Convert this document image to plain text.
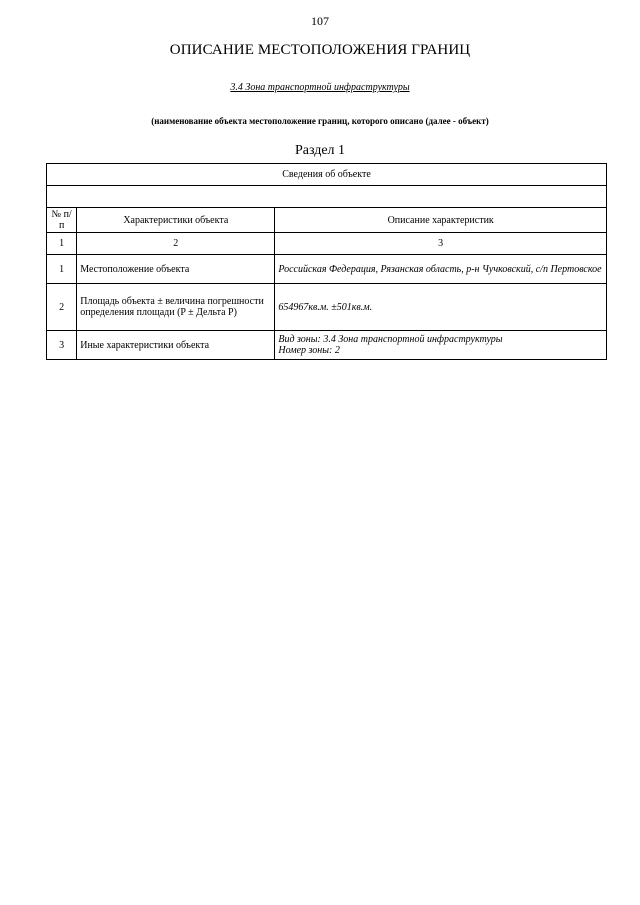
107
ОПИСАНИЕ МЕСТОПОЛОЖЕНИЯ ГРАНИЦ
3.4 Зона транспортной инфраструктуры
(наименование объекта местоположение границ, которого описано (далее - объект)
Раздел 1
Сведения об объекте		

№ п/п	Характеристики объекта	Описание характеристик
1	2	3
1	Местоположение объекта	Российская Федерация, Рязанская область, р-н Чучковский, с/п Пертовское

2	Площадь объекта ± величина погрешности определения площади (P ± Дельта P)	654967кв.м. ±501кв.м.

3	Иные характеристики объекта	Вид зоны: 3.4 Зона транспортной инфраструктуры
Номер зоны: 2
